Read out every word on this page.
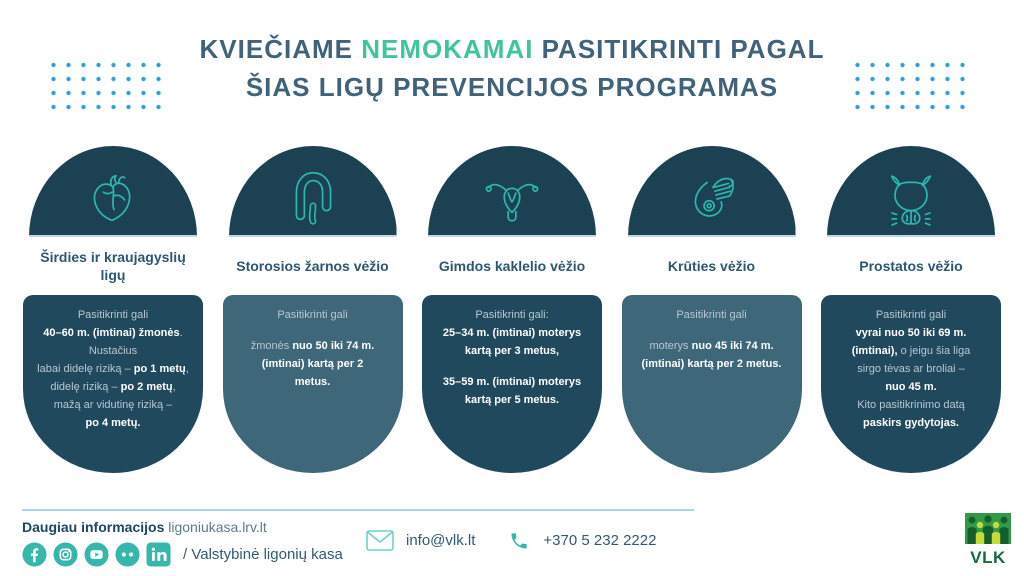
KVIEČIAME NEMOKAMAI PASITIKRINTI PAGAL
ŠIAS LIGŲ PREVENCIJOS PROGRAMAS
Širdies ir kraujagyslių ligų
Pasitikrinti gali
40–60 m. (imtinai) žmonės.
Nustačius
labai didelę riziką – po 1 metų,
didelę riziką – po 2 metų,
mažą ar vidutinę riziką –
po 4 metų.
Storosios žarnos vėžio
Pasitikrinti gali
žmonės nuo 50 iki 74 m.
(imtinai) kartą per 2
metus.
Gimdos kaklelio vėžio
Pasitikrinti gali:
25–34 m. (imtinai) moterys
kartą per 3 metus,
35–59 m. (imtinai) moterys
kartą per 5 metus.
Krūties vėžio
Pasitikrinti gali
moterys nuo 45 iki 74 m.
(imtinai) kartą per 2 metus.
Prostatos vėžio
Pasitikrinti gali
vyrai nuo 50 iki 69 m.
(imtinai), o jeigu šia liga
sirgo tėvas ar broliai –
nuo 45 m.
Kito pasitikrinimo datą
paskirs gydytojas.
Daugiau informacijos ligoniukasa.lrv.lt
/ Valstybinė ligonių kasa
info@vlk.lt	+370 5 232 2222
VLK
